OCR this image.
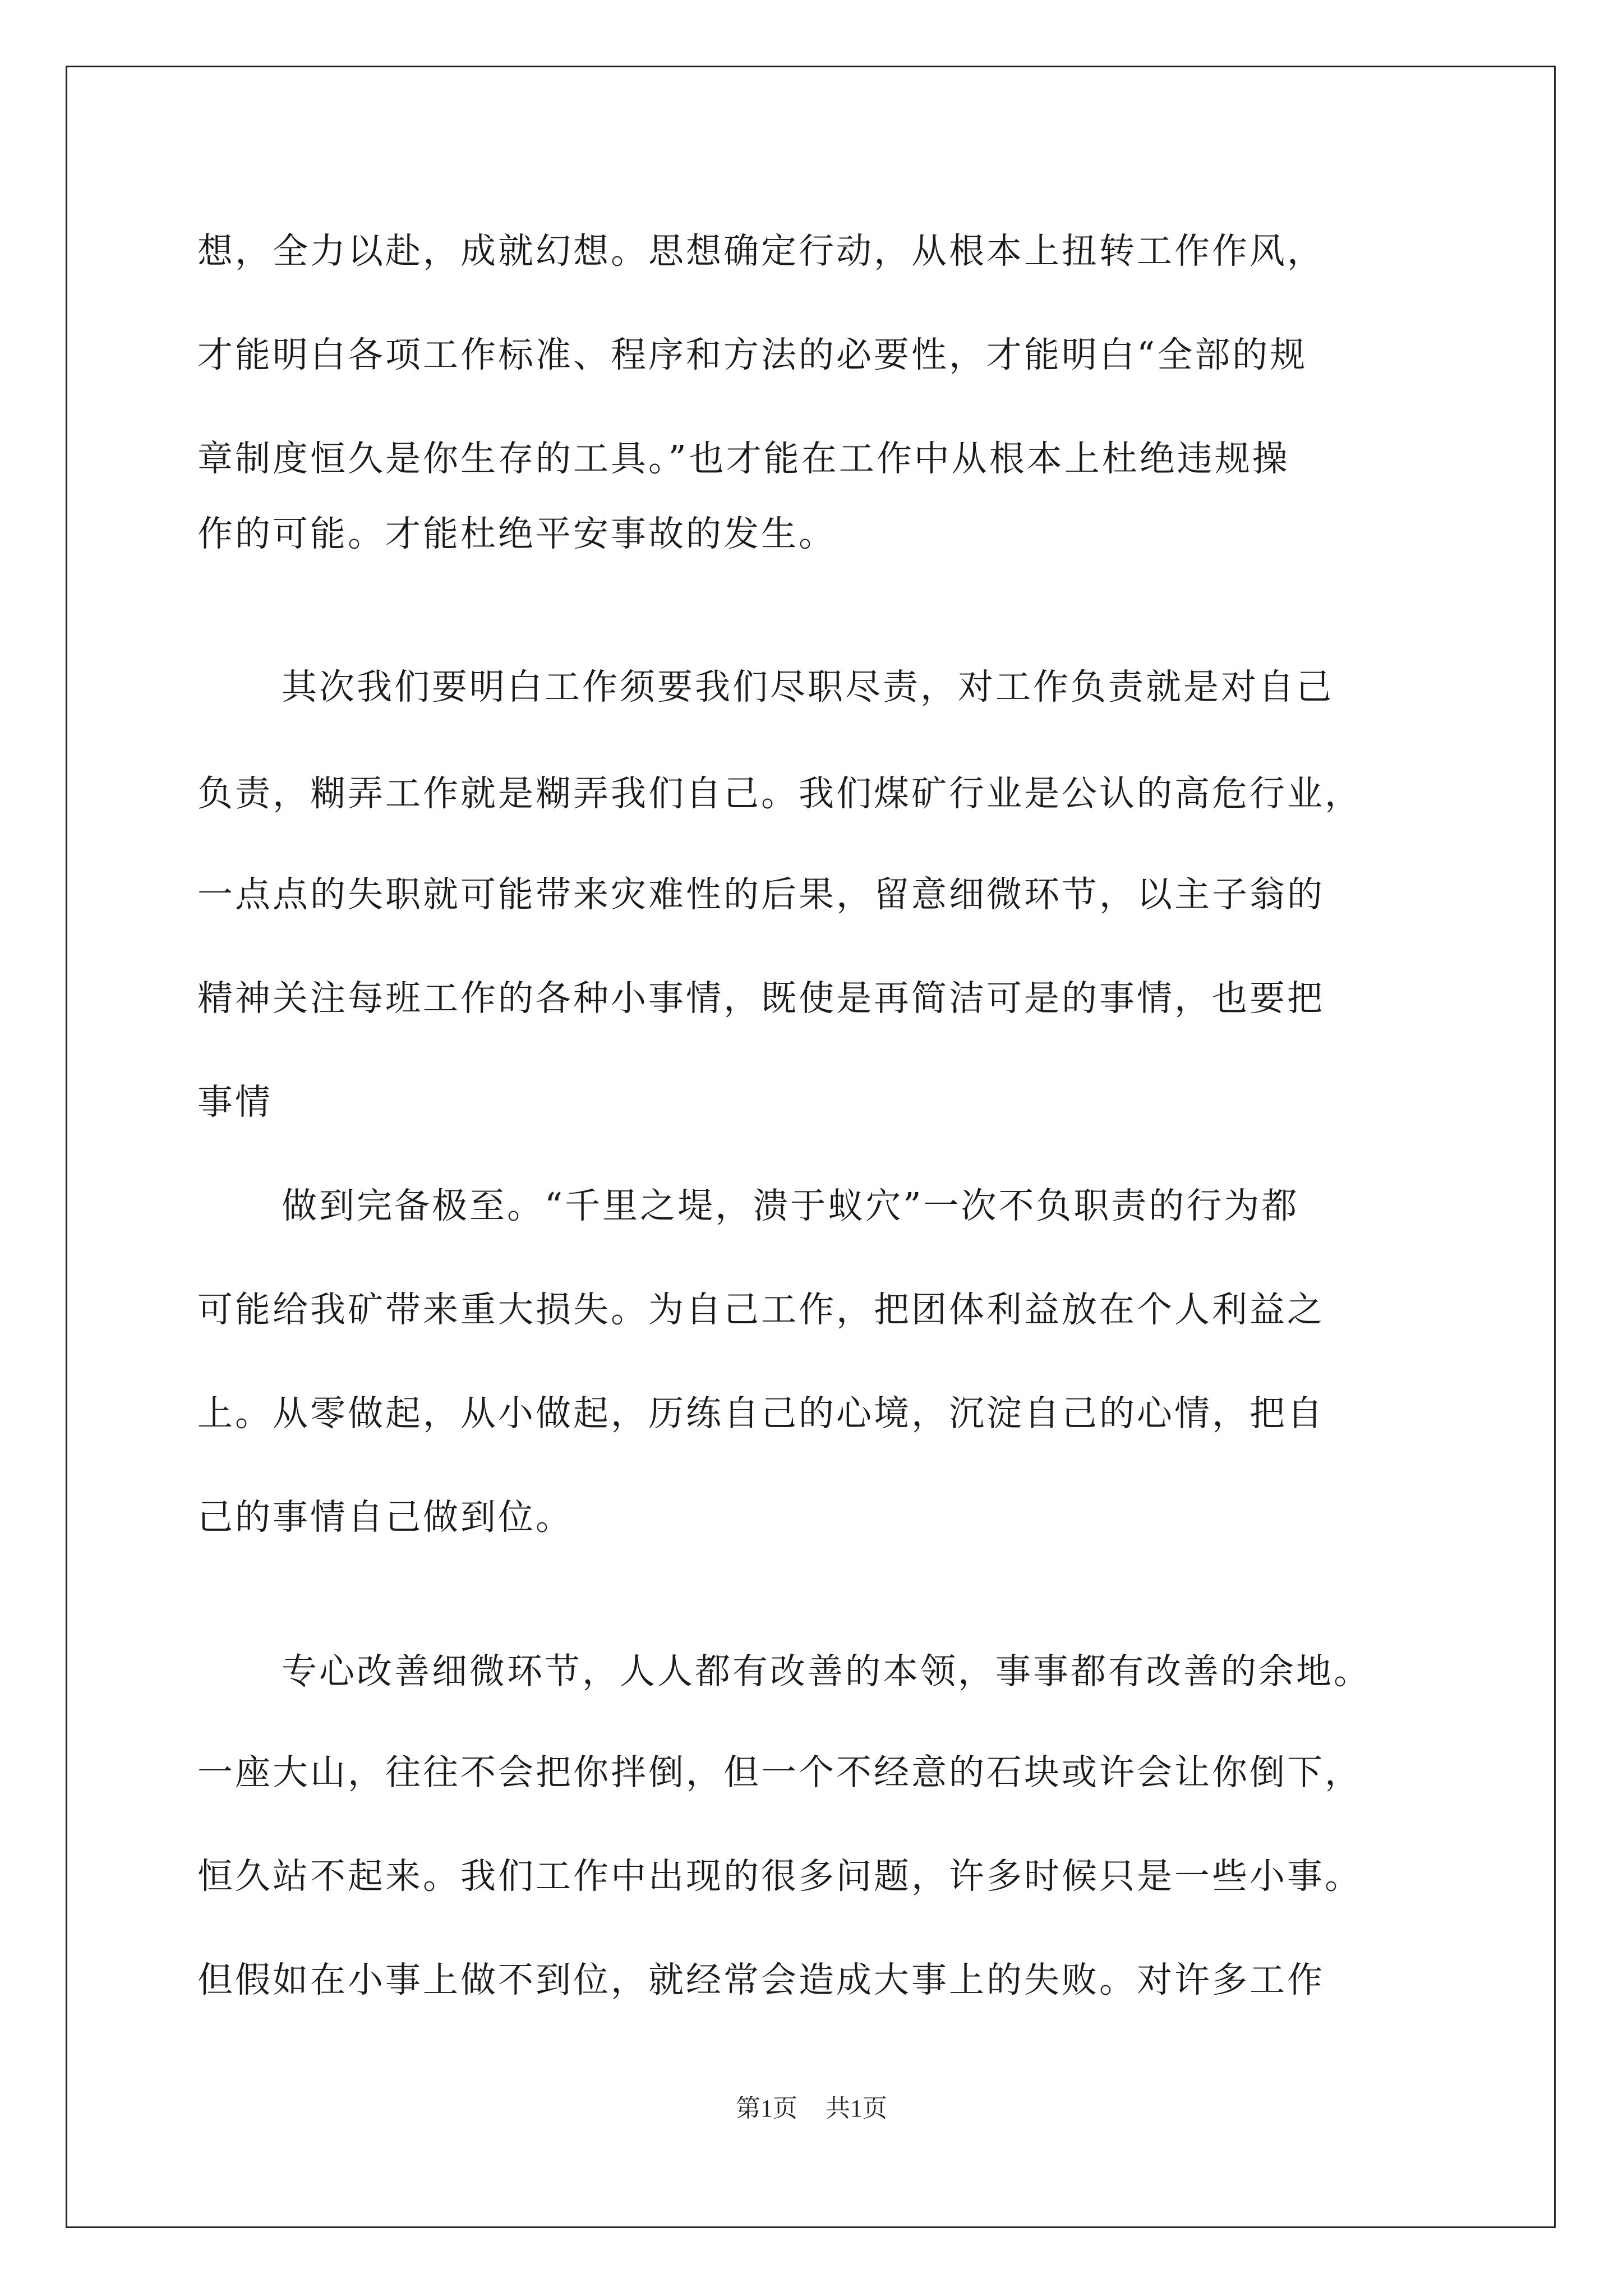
想，全力以赴，成就幻想。思想确定行动，从根本上扭转工作作风，
才能明白各项工作标准、程序和方法的必要性，才能明白“全部的规
章制度恒久是你生存的工具。”也才能在工作中从根本上杜绝违规操
作的可能。才能杜绝平安事故的发生。
其次我们要明白工作须要我们尽职尽责，对工作负责就是对自己
负责，糊弄工作就是糊弄我们自己。我们煤矿行业是公认的高危行业，
一点点的失职就可能带来灾难性的后果，留意细微环节，以主子翁的
精神关注每班工作的各种小事情，既使是再简洁可是的事情，也要把
事情
做到完备极至。“千里之堤，溃于蚁穴”一次不负职责的行为都
可能给我矿带来重大损失。为自己工作，把团体利益放在个人利益之
上。从零做起，从小做起，历练自己的心境，沉淀自己的心情，把自
己的事情自己做到位。
专心改善细微环节，人人都有改善的本领，事事都有改善的余地。
一座大山，往往不会把你拌倒，但一个不经意的石块或许会让你倒下，
恒久站不起来。我们工作中出现的很多问题，许多时候只是一些小事。
但假如在小事上做不到位，就经常会造成大事上的失败。对许多工作
第1页 共1页
